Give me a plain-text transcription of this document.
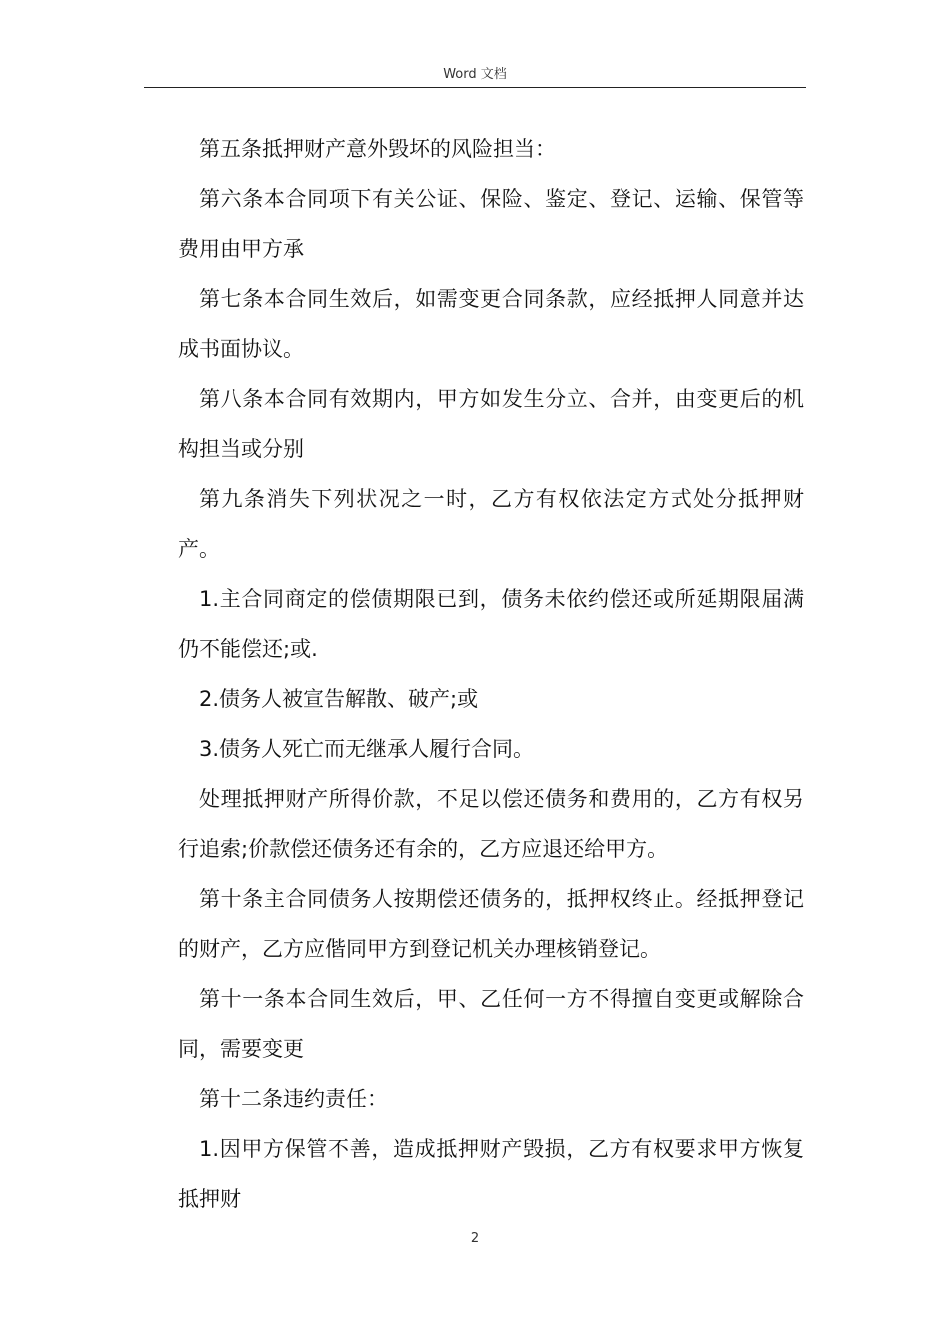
Word 文档

第五条抵押财产意外毁坏的风险担当：

第六条本合同项下有关公证、保险、鉴定、登记、运输、保管等费用由甲方承

第七条本合同生效后，如需变更合同条款，应经抵押人同意并达成书面协议。

第八条本合同有效期内，甲方如发生分立、合并，由变更后的机构担当或分别

第九条消失下列状况之一时，乙方有权依法定方式处分抵押财产。

1.主合同商定的偿债期限已到，债务未依约偿还或所延期限届满仍不能偿还;或.

2.债务人被宣告解散、破产;或

3.债务人死亡而无继承人履行合同。

处理抵押财产所得价款，不足以偿还债务和费用的，乙方有权另行追索;价款偿还债务还有余的，乙方应退还给甲方。

第十条主合同债务人按期偿还债务的，抵押权终止。经抵押登记的财产，乙方应偕同甲方到登记机关办理核销登记。

第十一条本合同生效后，甲、乙任何一方不得擅自变更或解除合同，需要变更

第十二条违约责任：

1.因甲方保管不善，造成抵押财产毁损，乙方有权要求甲方恢复抵押财

2
